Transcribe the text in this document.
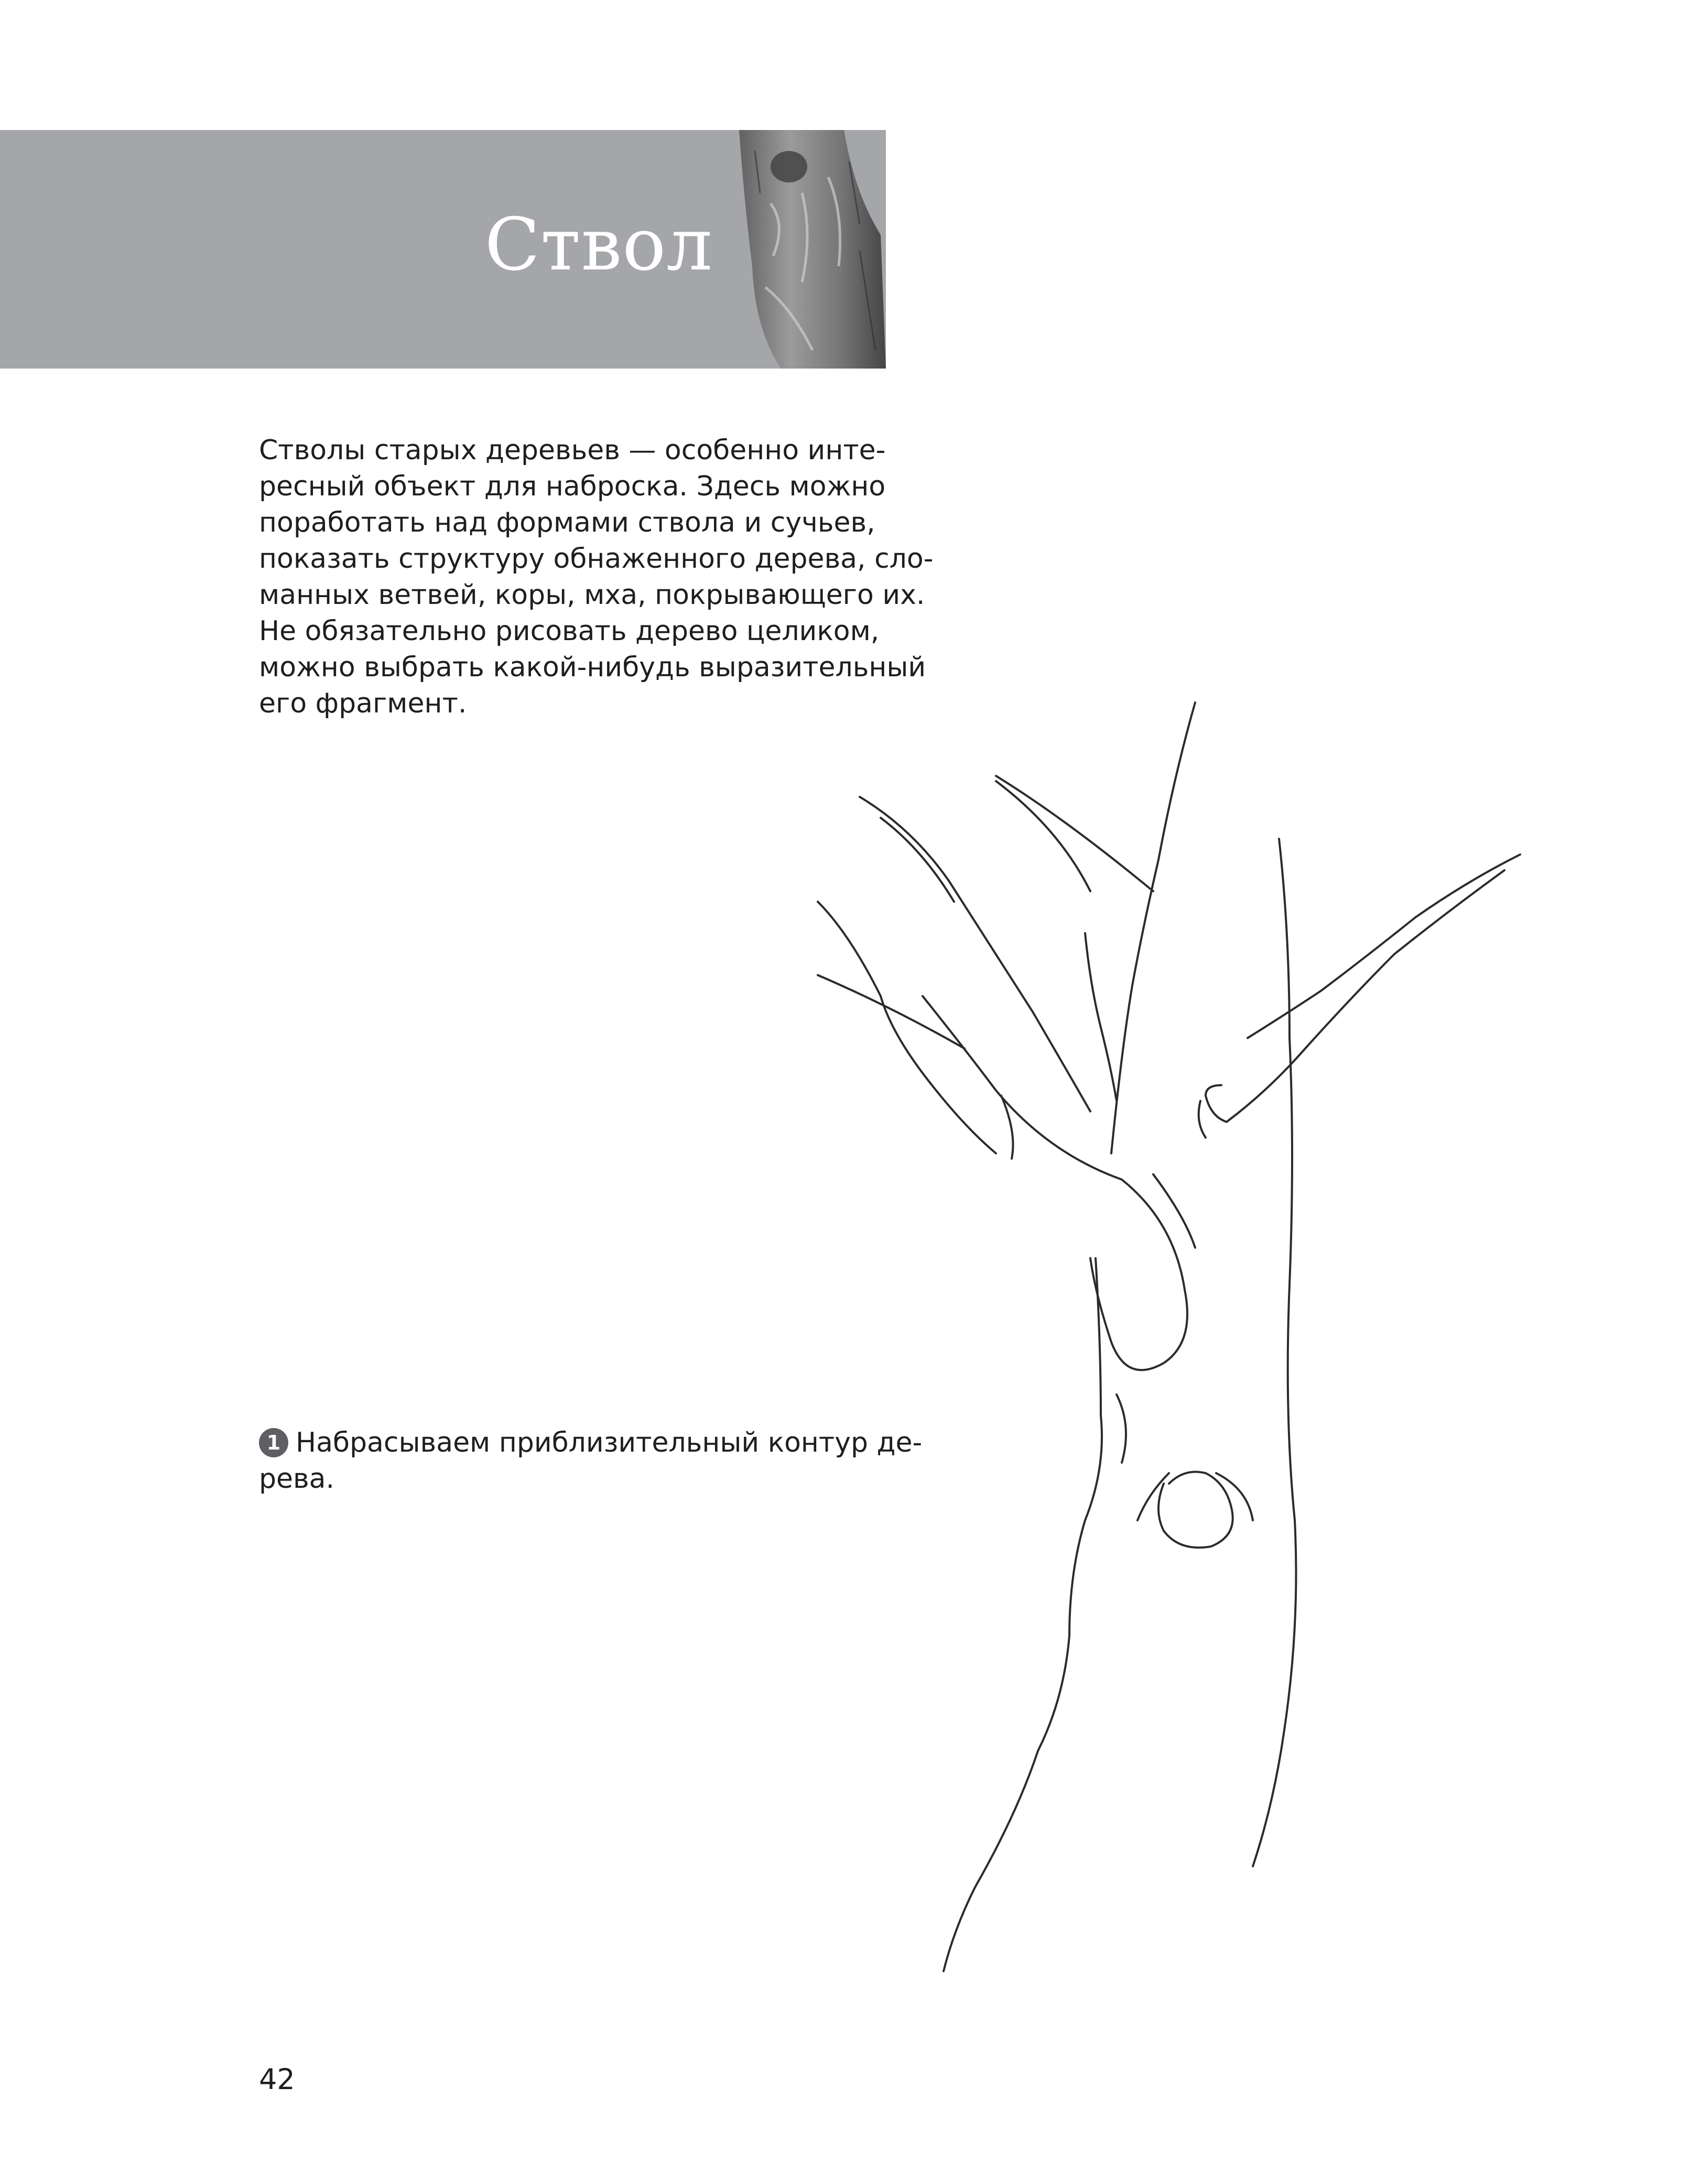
Ствол
Стволы старых деревьев — особенно инте-
ресный объект для наброска. Здесь можно
поработать над формами ствола и сучьев,
показать структуру обнаженного дерева, сло-
манных ветвей, коры, мха, покрывающего их.
Не обязательно рисовать дерево целиком,
можно выбрать какой-нибудь выразительный
его фрагмент.
1 Набрасываем приблизительный контур де-
рева.
42
